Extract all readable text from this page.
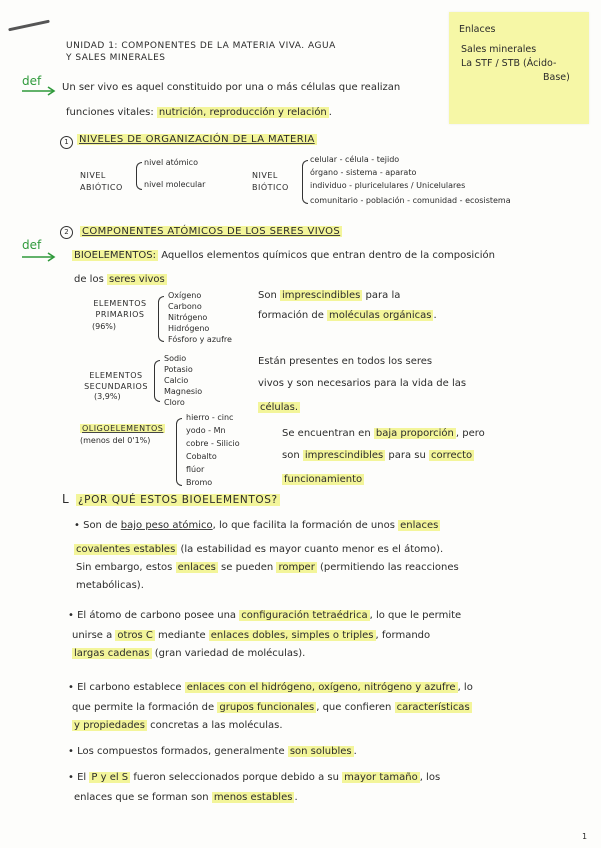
Enlaces
Sales minerales
La STF / STB (Ácido-
Base)
UNIDAD 1: COMPONENTES DE LA MATERIA VIVA. AGUA Y SALES MINERALES
def Un ser vivo es aquel constituido por una o más células que realizan
funciones vitales: nutrición, reproducción y relación .
1	NIVELES DE ORGANIZACIÓN DE LA MATERIA
NIVEL ABIÓTICO
nivel atómico
nivel molecular
NIVEL BIÓTICO
celular - célula - tejido
órgano - sistema - aparato
individuo - pluricelulares / Unicelulares
comunitario - población - comunidad - ecosistema
2	COMPONENTES ATÓMICOS DE LOS SERES VIVOS
def
BIOELEMENTOS: Aquellos elementos químicos que entran dentro de la composición
de los seres vivos
ELEMENTOS PRIMARIOS
(96%)
Oxígeno
Carbono
Nitrógeno
Hidrógeno
Fósforo y azufre
Son imprescindibles para la
formación de moléculas orgánicas .
ELEMENTOS SECUNDARIOS
(3,9%)
Sodio
Potasio
Calcio
Magnesio
Cloro
Están presentes en todos los seres
vivos y son necesarios para la vida de las
células.
OLIGOELEMENTOS
(menos del 0'1%)
hierro - cinc
yodo - Mn
cobre - Silicio
Cobalto
flúor
Bromo
Se encuentran en baja proporción , pero
son imprescindibles para su correcto
funcionamiento
L ¿POR QUÉ ESTOS BIOELEMENTOS?
• Son de bajo peso atómico, lo que facilita la formación de unos enlaces
covalentes estables (la estabilidad es mayor cuanto menor es el átomo).
Sin embargo, estos enlaces se pueden romper (permitiendo las reacciones
metabólicas).
• El átomo de carbono posee una configuración tetraédrica , lo que le permite
unirse a otros C mediante enlaces dobles, simples o triples , formando
largas cadenas (gran variedad de moléculas).
• El carbono establece enlaces con el hidrógeno, oxígeno, nitrógeno y azufre , lo
que permite la formación de grupos funcionales , que confieren características
y propiedades concretas a las moléculas.
• Los compuestos formados, generalmente son solubles .
• El P y el S fueron seleccionados porque debido a su mayor tamaño , los
enlaces que se forman son menos estables .
1
